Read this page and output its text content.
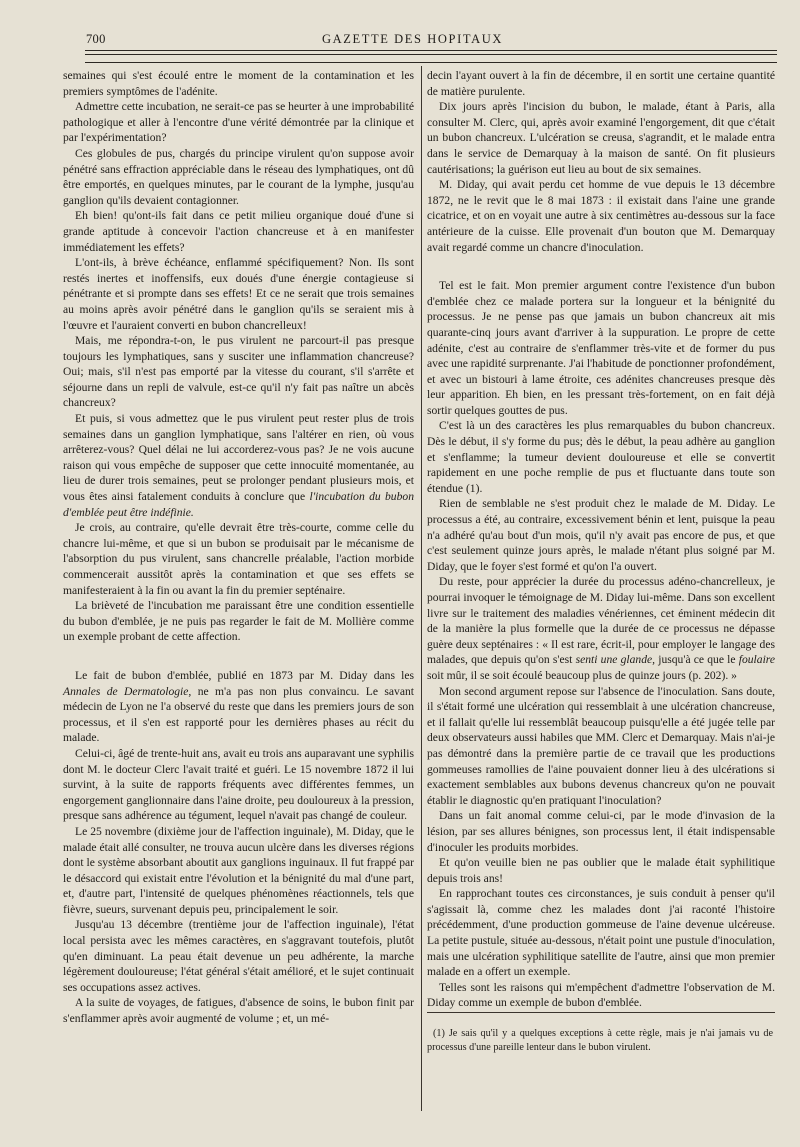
700	GAZETTE DES HOPITAUX

semaines qui s'est écoulé entre le moment de la contamination et les premiers symptômes de l'adénite.

Admettre cette incubation, ne serait-ce pas se heurter à une improbabilité pathologique et aller à l'encontre d'une vérité démontrée par la clinique et par l'expérimentation?

Ces globules de pus, chargés du principe virulent qu'on suppose avoir pénétré sans effraction appréciable dans le réseau des lymphatiques, ont dû être emportés, en quelques minutes, par le courant de la lymphe, jusqu'au ganglion qu'ils devaient contagionner.

Eh bien! qu'ont-ils fait dans ce petit milieu organique doué d'une si grande aptitude à concevoir l'action chancreuse et à en manifester immédiatement les effets?

L'ont-ils, à brève échéance, enflammé spécifiquement? Non. Ils sont restés inertes et inoffensifs, eux doués d'une énergie contagieuse si pénétrante et si prompte dans ses effets! Et ce ne serait que trois semaines au moins après avoir pénétré dans le ganglion qu'ils se seraient mis à l'œuvre et l'auraient converti en bubon chancrelleux!

Mais, me répondra-t-on, le pus virulent ne parcourt-il pas presque toujours les lymphatiques, sans y susciter une inflammation chancreuse? Oui; mais, s'il n'est pas emporté par la vitesse du courant, s'il s'arrête et séjourne dans un repli de valvule, est-ce qu'il n'y fait pas naître un abcès chancreux?

Et puis, si vous admettez que le pus virulent peut rester plus de trois semaines dans un ganglion lymphatique, sans l'altérer en rien, où vous arrêterez-vous? Quel délai ne lui accorderez-vous pas? Je ne vois aucune raison qui vous empêche de supposer que cette innocuité momentanée, au lieu de durer trois semaines, peut se prolonger pendant plusieurs mois, et vous êtes ainsi fatalement conduits à conclure que l'incubation du bubon d'emblée peut être indéfinie.

Je crois, au contraire, qu'elle devrait être très-courte, comme celle du chancre lui-même, et que si un bubon se produisait par le mécanisme de l'absorption du pus virulent, sans chancrelle préalable, l'action morbide commencerait aussitôt après la contamination et que ses effets se manifesteraient à la fin ou avant la fin du premier septénaire.

La brièveté de l'incubation me paraissant être une condition essentielle du bubon d'emblée, je ne puis pas regarder le fait de M. Mollière comme un exemple probant de cette affection.

Le fait de bubon d'emblée, publié en 1873 par M. Diday dans les Annales de Dermatologie, ne m'a pas non plus convaincu. Le savant médecin de Lyon ne l'a observé du reste que dans les premiers jours de son processus, et il s'en est rapporté pour les dernières phases au récit du malade.

Celui-ci, âgé de trente-huit ans, avait eu trois ans auparavant une syphilis dont M. le docteur Clerc l'avait traité et guéri. Le 15 novembre 1872 il lui survint, à la suite de rapports fréquents avec différentes femmes, un engorgement ganglionnaire dans l'aine droite, peu douloureux à la pression, presque sans adhérence au tégument, lequel n'avait pas changé de couleur.

Le 25 novembre (dixième jour de l'affection inguinale), M. Diday, que le malade était allé consulter, ne trouva aucun ulcère dans les diverses régions dont le système absorbant aboutit aux ganglions inguinaux. Il fut frappé par le désaccord qui existait entre l'évolution et la bénignité du mal d'une part, et, d'autre part, l'intensité de quelques phénomènes réactionnels, tels que fièvre, sueurs, survenant depuis peu, principalement le soir.

Jusqu'au 13 décembre (trentième jour de l'affection inguinale), l'état local persista avec les mêmes caractères, en s'aggravant toutefois, plutôt qu'en diminuant. La peau était devenue un peu adhérente, la marche légèrement douloureuse; l'état général s'était amélioré, et le sujet continuait ses occupations assez actives.

A la suite de voyages, de fatigues, d'absence de soins, le bubon finit par s'enflammer après avoir augmenté de volume ; et, un mé-

decin l'ayant ouvert à la fin de décembre, il en sortit une certaine quantité de matière purulente.

Dix jours après l'incision du bubon, le malade, étant à Paris, alla consulter M. Clerc, qui, après avoir examiné l'engorgement, dit que c'était un bubon chancreux. L'ulcération se creusa, s'agrandit, et le malade entra dans le service de Demarquay à la maison de santé. On fit plusieurs cautérisations; la guérison eut lieu au bout de six semaines.

M. Diday, qui avait perdu cet homme de vue depuis le 13 décembre 1872, ne le revit que le 8 mai 1873 : il existait dans l'aine une grande cicatrice, et on en voyait une autre à six centimètres au-dessous sur la face antérieure de la cuisse. Elle provenait d'un bouton que M. Demarquay avait regardé comme un chancre d'inoculation.

Tel est le fait. Mon premier argument contre l'existence d'un bubon d'emblée chez ce malade portera sur la longueur et la bénignité du processus. Je ne pense pas que jamais un bubon chancreux ait mis quarante-cinq jours avant d'arriver à la suppuration. Le propre de cette adénite, c'est au contraire de s'enflammer très-vite et de former du pus avec une rapidité surprenante. J'ai l'habitude de ponctionner profondément, et avec un bistouri à lame étroite, ces adénites chancreuses presque dès leur apparition. Eh bien, en les pressant très-fortement, on en fait déjà sortir quelques gouttes de pus.

C'est là un des caractères les plus remarquables du bubon chancreux. Dès le début, il s'y forme du pus; dès le début, la peau adhère au ganglion et s'enflamme; la tumeur devient douloureuse et elle se convertit rapidement en une poche remplie de pus et fluctuante dans toute son étendue (1).

Rien de semblable ne s'est produit chez le malade de M. Diday. Le processus a été, au contraire, excessivement bénin et lent, puisque la peau n'a adhéré qu'au bout d'un mois, qu'il n'y avait pas encore de pus, et que c'est seulement quinze jours après, le malade n'étant plus soigné par M. Diday, que le foyer s'est formé et qu'on l'a ouvert.

Du reste, pour apprécier la durée du processus adéno-chancrelleux, je pourrai invoquer le témoignage de M. Diday lui-même. Dans son excellent livre sur le traitement des maladies vénériennes, cet éminent médecin dit de la manière la plus formelle que la durée de ce processus ne dépasse guère deux septénaires : « Il est rare, écrit-il, pour employer le langage des malades, que depuis qu'on s'est senti une glande, jusqu'à ce que le foulaire soit mûr, il se soit écoulé beaucoup plus de quinze jours (p. 202). »

Mon second argument repose sur l'absence de l'inoculation. Sans doute, il s'était formé une ulcération qui ressemblait à une ulcération chancreuse, et il fallait qu'elle lui ressemblât beaucoup puisqu'elle a été jugée telle par deux observateurs aussi habiles que MM. Clerc et Demarquay. Mais n'ai-je pas démontré dans la première partie de ce travail que les productions gommeuses ramollies de l'aine pouvaient donner lieu à des ulcérations si exactement semblables aux bubons devenus chancreux qu'on ne pouvait établir le diagnostic qu'en pratiquant l'inoculation?

Dans un fait anomal comme celui-ci, par le mode d'invasion de la lésion, par ses allures bénignes, son processus lent, il était indispensable d'inoculer les produits morbides.

Et qu'on veuille bien ne pas oublier que le malade était syphilitique depuis trois ans!

En rapprochant toutes ces circonstances, je suis conduit à penser qu'il s'agissait là, comme chez les malades dont j'ai raconté l'histoire précédemment, d'une production gommeuse de l'aine devenue ulcéreuse. La petite pustule, située au-dessous, n'était point une pustule d'inoculation, mais une ulcération syphilitique satellite de l'autre, ainsi que mon premier malade en a offert un exemple.

Telles sont les raisons qui m'empêchent d'admettre l'observation de M. Diday comme un exemple de bubon d'emblée.

(1) Je sais qu'il y a quelques exceptions à cette règle, mais je n'ai jamais vu de processus d'une pareille lenteur dans le bubon virulent.
